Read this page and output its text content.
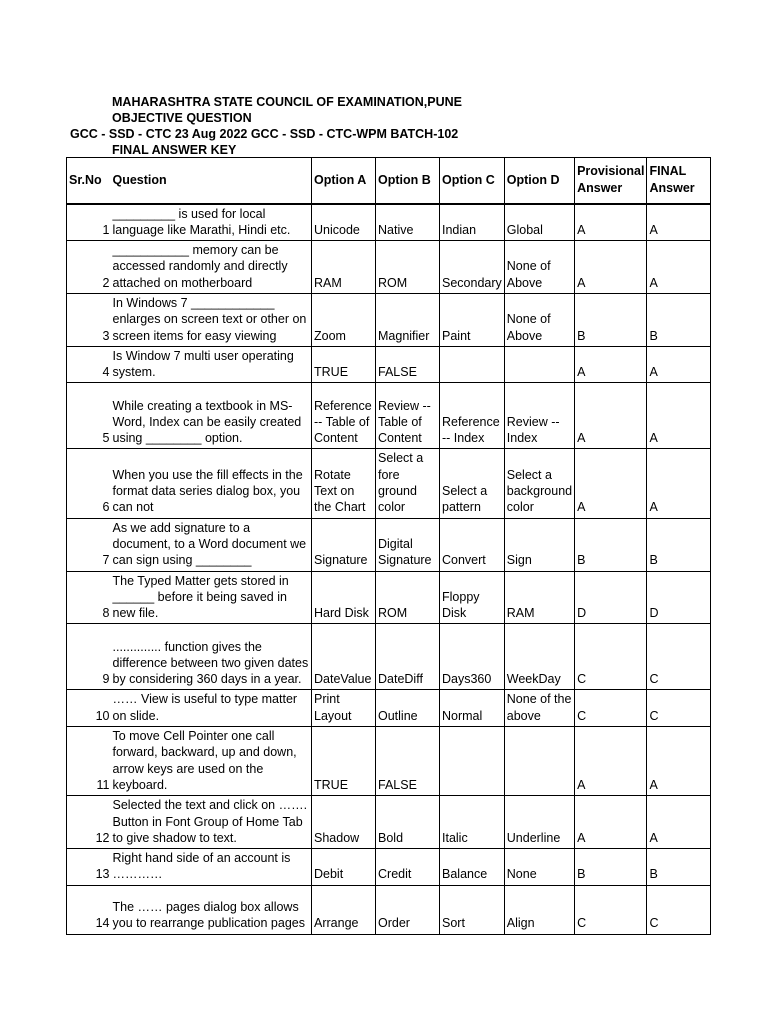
MAHARASHTRA STATE COUNCIL OF EXAMINATION,PUNE
OBJECTIVE QUESTION
GCC - SSD - CTC 23 Aug 2022 GCC - SSD - CTC-WPM BATCH-102
FINAL ANSWER KEY
Sr.No	Question	Option A	Option B	Option C	Option D	Provisional Answer	FINAL Answer
1	_________ is used for local language like Marathi, Hindi etc.	Unicode	Native	Indian	Global	A	A
2	___________ memory can be accessed randomly and directly attached on motherboard	RAM	ROM	Secondary	None of Above	A	A
3	In Windows 7 ____________ enlarges on screen text or other on screen items for easy viewing	Zoom	Magnifier	Paint	None of Above	B	B
4	Is Window 7 multi user operating system.	TRUE	FALSE			A	A
5	While creating a textbook in MS-Word, Index can be easily created using ________ option.	Reference -- Table of Content	Review -- Table of Content	Reference -- Index	Review -- Index	A	A
6	When you use the fill effects in the format data series dialog box, you can not	Rotate Text on the Chart	Select a fore ground color	Select a pattern	Select a background color	A	A
7	As we add signature to a document, to a Word document we can sign using ________	Signature	Digital Signature	Convert	Sign	B	B
8	The Typed Matter gets stored in ______ before it being saved in new file.	Hard Disk	ROM	Floppy Disk	RAM	D	D
9	.............. function gives the difference between two given dates by considering 360 days in a year.	DateValue	DateDiff	Days360	WeekDay	C	C
10	…… View is useful to type matter on slide.	Print Layout	Outline	Normal	None of the above	C	C
11	To move Cell Pointer one call forward, backward, up and down, arrow keys are used on the keyboard.	TRUE	FALSE			A	A
12	Selected the text and click on ……. Button in Font Group of Home Tab to give shadow to text.	Shadow	Bold	Italic	Underline	A	A
13	Right hand side of an account is …………	Debit	Credit	Balance	None	B	B
14	The …… pages dialog box allows you to rearrange publication pages	Arrange	Order	Sort	Align	C	C
